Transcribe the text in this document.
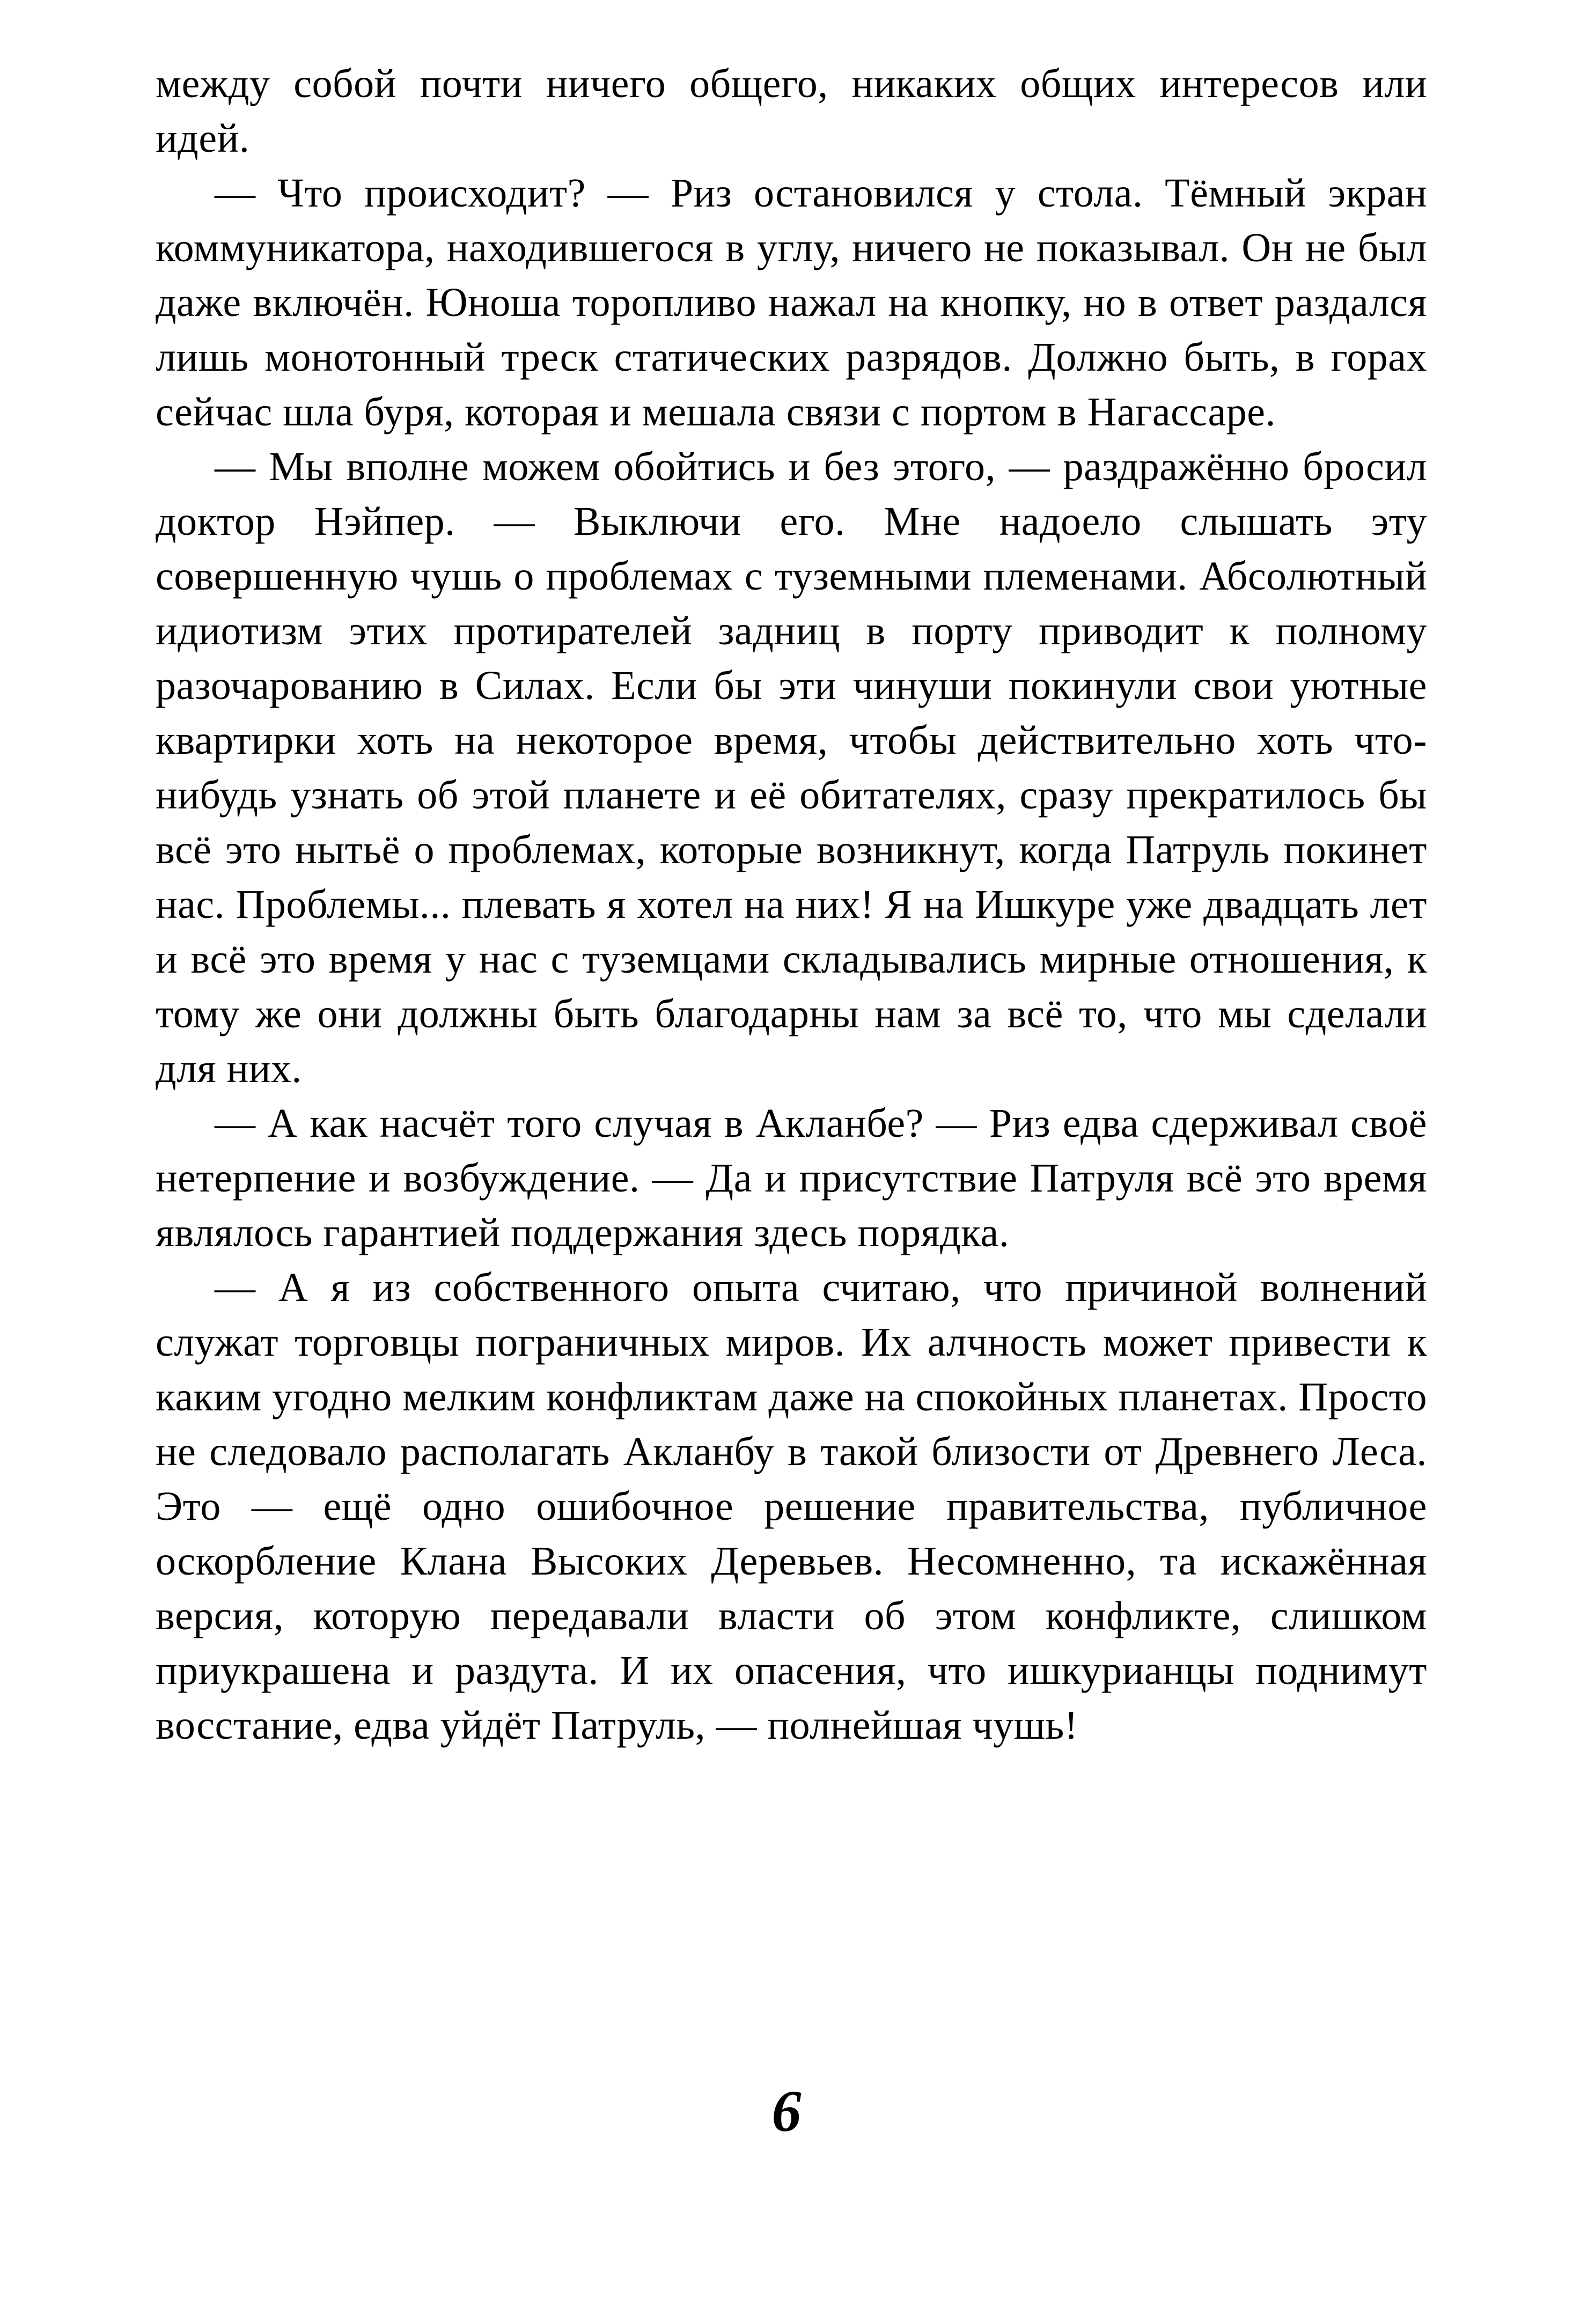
между собой почти ничего общего, никаких общих интересов или идей.

— Что происходит? — Риз остановился у стола. Тёмный экран коммуникатора, находившегося в углу, ничего не показывал. Он не был даже включён. Юноша торопливо нажал на кнопку, но в ответ раздался лишь монотонный треск статических разрядов. Должно быть, в горах сейчас шла буря, которая и мешала связи с портом в Нагассаре.

— Мы вполне можем обойтись и без этого, — раздражённо бросил доктор Нэйпер. — Выключи его. Мне надоело слышать эту совершенную чушь о проблемах с туземными племенами. Абсолютный идиотизм этих протирателей задниц в порту приводит к полному разочарованию в Силах. Если бы эти чинуши покинули свои уютные квартирки хоть на некоторое время, чтобы действительно хоть что-нибудь узнать об этой планете и её обитателях, сразу прекратилось бы всё это нытьё о проблемах, которые возникнут, когда Патруль покинет нас. Проблемы... плевать я хотел на них! Я на Ишкуре уже двадцать лет и всё это время у нас с туземцами складывались мирные отношения, к тому же они должны быть благодарны нам за всё то, что мы сделали для них.

— А как насчёт того случая в Акланбе? — Риз едва сдерживал своё нетерпение и возбуждение. — Да и присутствие Патруля всё это время являлось гарантией поддержания здесь порядка.

— А я из собственного опыта считаю, что причиной волнений служат торговцы пограничных миров. Их алчность может привести к каким угодно мелким конфликтам даже на спокойных планетах. Просто не следовало располагать Акланбу в такой близости от Древнего Леса. Это — ещё одно ошибочное решение правительства, публичное оскорбление Клана Высоких Деревьев. Несомненно, та искажённая версия, которую передавали власти об этом конфликте, слишком приукрашена и раздута. И их опасения, что ишкурианцы поднимут восстание, едва уйдёт Патруль, — полнейшая чушь!

6
